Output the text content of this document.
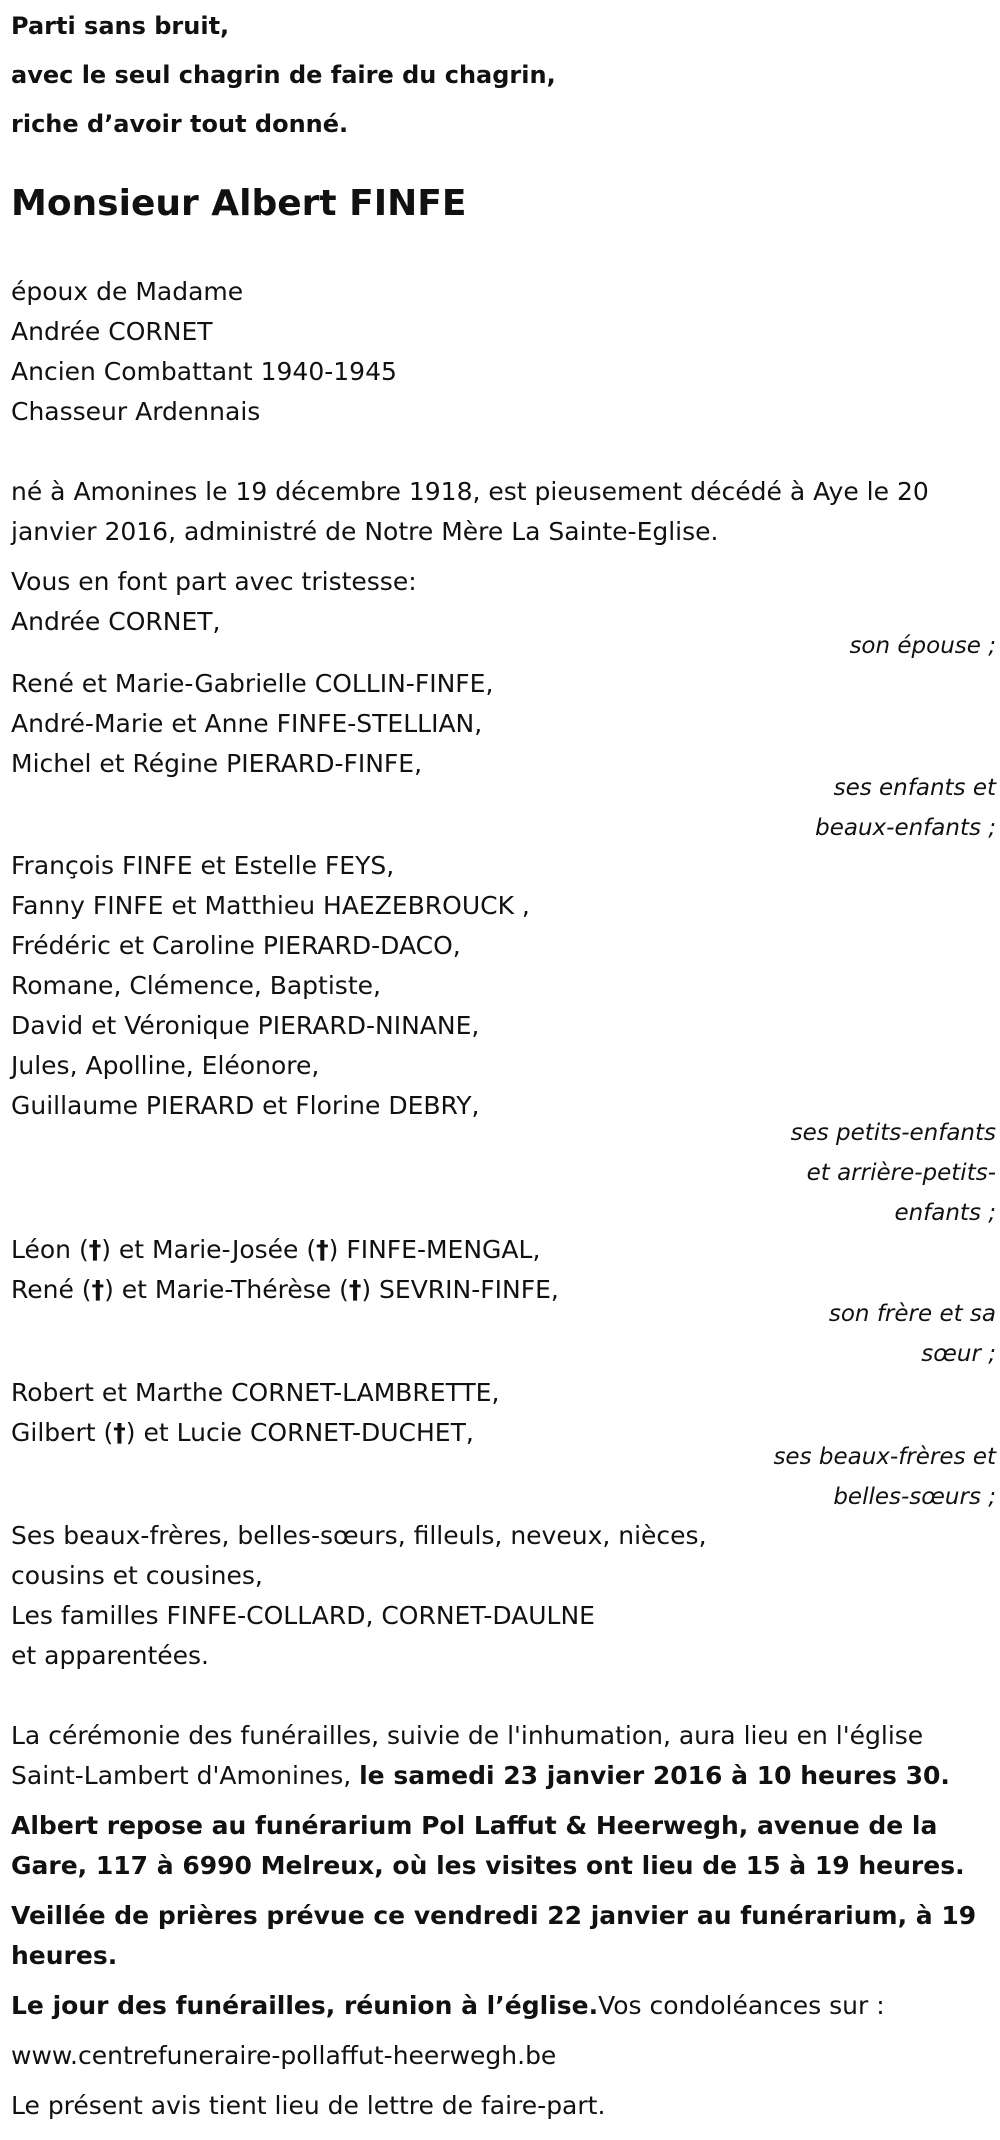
Parti sans bruit,
avec le seul chagrin de faire du chagrin,
riche d’avoir tout donné.
Monsieur Albert FINFE
époux de Madame
Andrée CORNET
Ancien Combattant 1940-1945
Chasseur Ardennais
né à Amonines le 19 décembre 1918, est pieusement décédé à Aye le 20 janvier 2016, administré de Notre Mère La Sainte-Eglise.
Vous en font part avec tristesse:
Andrée CORNET,
son épouse ;
René et Marie-Gabrielle COLLIN-FINFE,
André-Marie et Anne FINFE-STELLIAN,
Michel et Régine PIERARD-FINFE,
ses enfants et beaux-enfants ;
François FINFE et Estelle FEYS,
Fanny FINFE et Matthieu HAEZEBROUCK ,
Frédéric et Caroline PIERARD-DACO,
Romane, Clémence, Baptiste,
David et Véronique PIERARD-NINANE,
Jules, Apolline, Eléonore,
Guillaume PIERARD et Florine DEBRY,
ses petits-enfants et arrière-petits-enfants ;
Léon (†) et Marie-Josée (†) FINFE-MENGAL,
René (†) et Marie-Thérèse (†) SEVRIN-FINFE,
son frère et sa sœur ;
Robert et Marthe CORNET-LAMBRETTE,
Gilbert (†) et Lucie CORNET-DUCHET,
ses beaux-frères et belles-sœurs ;
Ses beaux-frères, belles-sœurs, filleuls, neveux, nièces,
cousins et cousines,
Les familles FINFE-COLLARD, CORNET-DAULNE
et apparentées.
La cérémonie des funérailles, suivie de l'inhumation, aura lieu en l'église Saint-Lambert d'Amonines, le samedi 23 janvier 2016 à 10 heures 30.
Albert repose au funérarium Pol Laffut & Heerwegh, avenue de la Gare, 117 à 6990 Melreux, où les visites ont lieu de 15 à 19 heures.
Veillée de prières prévue ce vendredi 22 janvier au funérarium, à 19 heures.
Le jour des funérailles, réunion à l’église.Vos condoléances sur :
www.centrefuneraire-pollaffut-heerwegh.be
Le présent avis tient lieu de lettre de faire-part.
